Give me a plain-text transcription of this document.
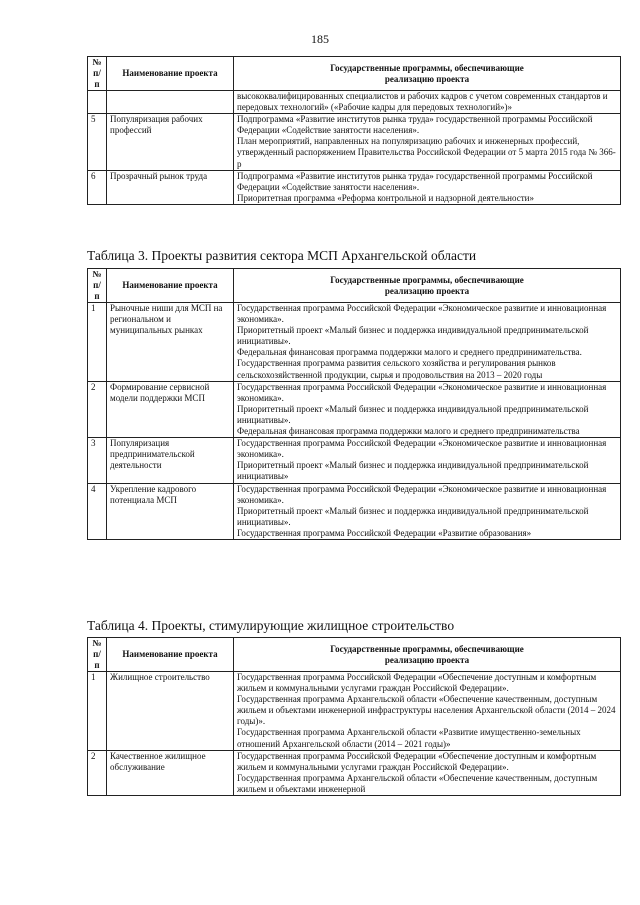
185
№
п/п	Наименование проекта	Государственные программы, обеспечивающие
реализацию проекта

		высококвалифицированных специалистов и рабочих кадров с учетом современных стандартов и передовых технологий» («Рабочие кадры для передовых технологий»)»

5	Популяризация рабочих профессий	Подпрограмма «Развитие институтов рынка труда» государственной программы Российской Федерации «Содействие занятости населения».
План мероприятий, направленных на популяризацию рабочих и инженерных профессий, утвержденный распоряжением Правительства Российской Федерации от 5 марта 2015 года № 366-р

6	Прозрачный рынок труда	Подпрограмма «Развитие институтов рынка труда» государственной программы Российской Федерации «Содействие занятости населения».
Приоритетная программа «Реформа контрольной и надзорной деятельности»
Таблица 3. Проекты развития сектора МСП Архангельской области
№
п/п	Наименование проекта	Государственные программы, обеспечивающие
реализацию проекта
1	Рыночные ниши для МСП на региональном и муниципальных рынках	Государственная программа Российской Федерации «Экономическое развитие и инновационная экономика».
Приоритетный проект «Малый бизнес и поддержка индивидуальной предпринимательской инициативы».
Федеральная финансовая программа поддержки малого и среднего предпринимательства.
Государственная программа развития сельского хозяйства и регулирования рынков сельскохозяйственной продукции, сырья и продовольствия на 2013 – 2020 годы

2	Формирование сервисной модели поддержки МСП	Государственная программа Российской Федерации «Экономическое развитие и инновационная экономика».
Приоритетный проект «Малый бизнес и поддержка индивидуальной предпринимательской инициативы».
Федеральная финансовая программа поддержки малого и среднего предпринимательства

3	Популяризация предпринимательской деятельности	Государственная программа Российской Федерации «Экономическое развитие и инновационная экономика».
Приоритетный проект «Малый бизнес и поддержка индивидуальной предпринимательской инициативы»

4	Укрепление кадрового потенциала МСП	Государственная программа Российской Федерации «Экономическое развитие и инновационная экономика».
Приоритетный проект «Малый бизнес и поддержка индивидуальной предпринимательской инициативы».
Государственная программа Российской Федерации «Развитие образования»
Таблица 4. Проекты, стимулирующие жилищное строительство
№
п/п	Наименование проекта	Государственные программы, обеспечивающие
реализацию проекта
1	Жилищное строительство	Государственная программа Российской Федерации «Обеспечение доступным и комфортным жильем и коммунальными услугами граждан Российской Федерации».
Государственная программа Архангельской области «Обеспечение качественным, доступным жильем и объектами инженерной инфраструктуры населения Архангельской области (2014 – 2024 годы)».
Государственная программа Архангельской области «Развитие имущественно-земельных отношений Архангельской области (2014 – 2021 годы)»

2	Качественное жилищное обслуживание	Государственная программа Российской Федерации «Обеспечение доступным и комфортным жильем и коммунальными услугами граждан Российской Федерации».
Государственная программа Архангельской области «Обеспечение качественным, доступным жильем и объектами инженерной
